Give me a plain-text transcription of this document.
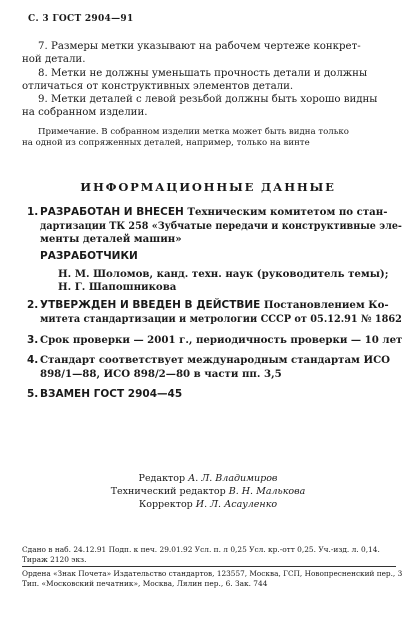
С. 3 ГОСТ 2904—91
7. Размеры метки указывают на рабочем чертеже конкрет-
ной детали.
8. Метки не должны уменьшать прочность детали и должны
отличаться от конструктивных элементов детали.
9. Метки деталей с левой резьбой должны быть хорошо видны
на собранном изделии.
Примечание. В собранном изделии метка может быть видна только
на одной из сопряженных деталей, например, только на винте
ИНФОРМАЦИОННЫЕ ДАННЫЕ
1. РАЗРАБОТАН И ВНЕСЕН Техническим комитетом по стан-
дартизации ТК 258 «Зубчатые передачи и конструктивные эле-
менты деталей машин»
РАЗРАБОТЧИКИ
Н. М. Шоломов, канд. техн. наук (руководитель темы);
Н. Г. Шапошникова
2. УТВЕРЖДЕН И ВВЕДЕН В ДЕЙСТВИЕ Постановлением Ко-
митета стандартизации и метрологии СССР от 05.12.91 № 1862
3. Срок проверки — 2001 г., периодичность проверки — 10 лет
4. Стандарт соответствует международным стандартам ИСО
898/1—88, ИСО 898/2—80 в части пп. 3,5
5. ВЗАМЕН ГОСТ 2904—45
Редактор А. Л. Владимиров
Технический редактор В. Н. Малькова
Корректор И. Л. Асауленко
Сдано в наб. 24.12.91 Подп. к печ. 29.01.92 Усл. п. л 0,25 Усл. кр.-отт 0,25. Уч.-изд. л. 0,14.
Тираж 2120 экз.
Ордена «Знак Почета» Издательство стандартов, 123557, Москва, ГСП, Новопресненский пер., 3
Тип. «Московский печатник», Москва, Лялин пер., 6. Зак. 744
